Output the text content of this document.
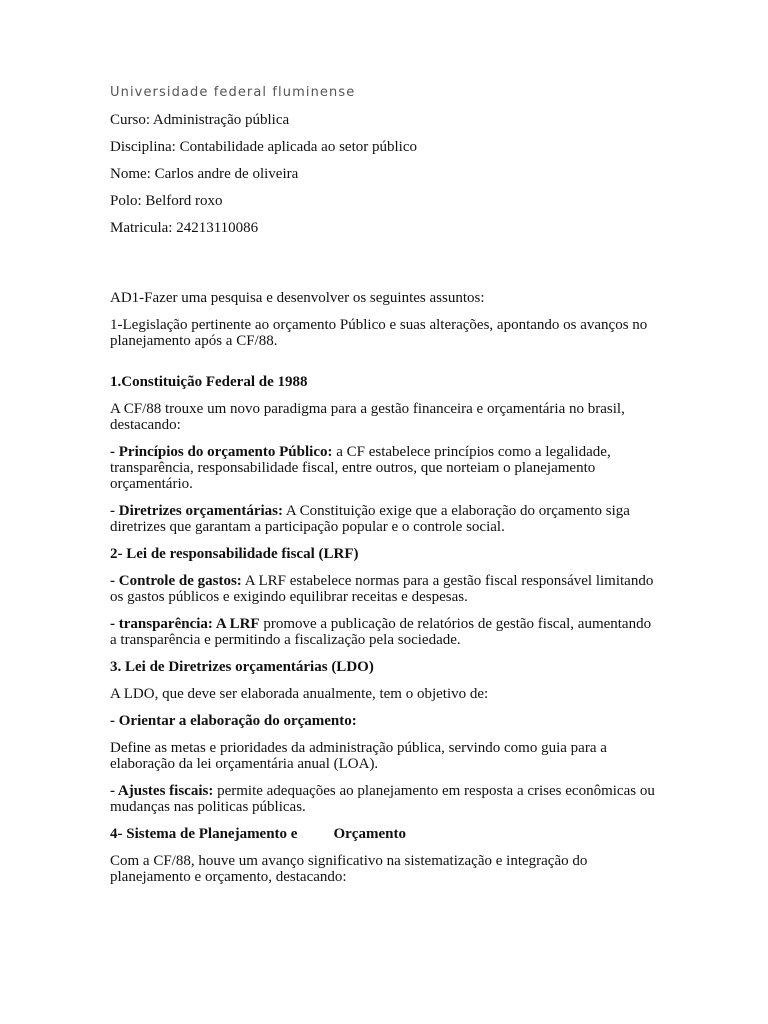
Universidade federal fluminense
Curso: Administração pública
Disciplina: Contabilidade aplicada ao setor público
Nome: Carlos andre de oliveira
Polo: Belford roxo
Matricula: 24213110086
AD1-Fazer uma pesquisa e desenvolver os seguintes assuntos:
1-Legislação pertinente ao orçamento Público e suas alterações, apontando os avanços no planejamento após a CF/88.
1.Constituição Federal de 1988
A CF/88 trouxe um novo paradigma para a gestão financeira e orçamentária no brasil, destacando:
- Princípios do orçamento Público: a CF estabelece princípios como a legalidade, transparência, responsabilidade fiscal, entre outros, que norteiam o planejamento orçamentário.
- Diretrizes orçamentárias: A Constituição exige que a elaboração do orçamento siga diretrizes que garantam a participação popular e o controle social.
2- Lei de responsabilidade fiscal (LRF)
- Controle de gastos: A LRF estabelece normas para a gestão fiscal responsável limitando os gastos públicos e exigindo equilibrar receitas e despesas.
- transparência: A LRF promove a publicação de relatórios de gestão fiscal, aumentando a transparência e permitindo a fiscalização pela sociedade.
3. Lei de Diretrizes orçamentárias (LDO)
A LDO, que deve ser elaborada anualmente, tem o objetivo de:
- Orientar a elaboração do orçamento:
Define as metas e prioridades da administração pública, servindo como guia para a elaboração da lei orçamentária anual (LOA).
- Ajustes fiscais: permite adequações ao planejamento em resposta a crises econômicas ou mudanças nas politicas públicas.
4- Sistema de Planejamento e Orçamento
Com a CF/88, houve um avanço significativo na sistematização e integração do planejamento e orçamento, destacando:
